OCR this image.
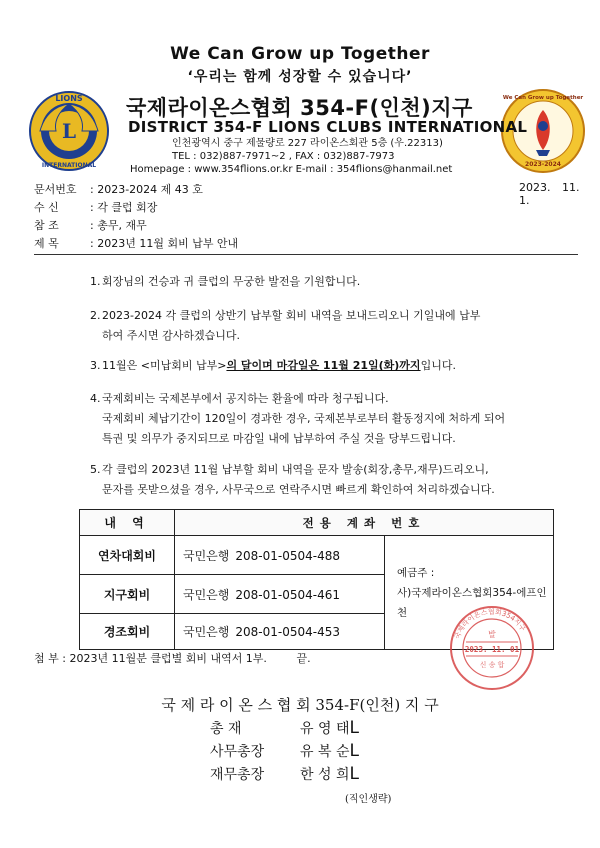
We Can Grow up Together
‘우리는 함께 성장할 수 있습니다’
L
LIONS
INTERNATIONAL	2023-2024
We Can Grow up Together
국제라이온스협회 354-F(인천)지구
DISTRICT 354-F LIONS CLUBS INTERNATIONAL
인천광역시 중구 제물량로 227 라이온스회관 5층 (우.22313)
TEL : 032)887-7971~2 , FAX : 032)887-7973
Homepage : www.354flions.or.kr E-mail : 354flions@hanmail.net
문서번호 : 2023-2024 제 43 호	2023. 11. 1.
수 신	: 각 클럽 회장
참 조	: 총무, 재무
제 목	: 2023년 11월 회비 납부 안내
1. 회장님의 건승과 귀 클럽의 무궁한 발전을 기원합니다.
2. 2023-2024 각 클럽의 상반기 납부할 회비 내역을 보내드리오니 기일내에 납부
하여 주시면 감사하겠습니다.
3. 11월은 <미납회비 납부>의 달이며 마감일은 11월 21일(화)까지입니다.
4. 국제회비는 국제본부에서 공지하는 환율에 따라 청구됩니다.
국제회비 체납기간이 120일이 경과한 경우, 국제본부로부터 활동정지에 처하게 되어
특권 및 의무가 중지되므로 마감일 내에 납부하여 주실 것을 당부드립니다.
5. 각 클럽의 2023년 11월 납부할 회비 내역을 문자 발송(회장,총무,재무)드리오니,
문자를 못받으셨을 경우, 사무국으로 연락주시면 빠르게 확인하여 처리하겠습니다.
내 역	전용 계좌 번호	
연차대회비	국민은행 208-01-0504-488	예금주 :
사)국제라이온스협회354-에프인천

지구회비	국민은행 208-01-0504-461	
경조회비	국민은행 208-01-0504-453		국제라이온스협회354지구
발
2023. 11. 01
신 송 합
첨 부 : 2023년 11월분 클럽별 회비 내역서 1부.	끝.
국 제 라 이 온 스 협 회 354-F(인천) 지 구
총 재	유 영 태L
사무총장	유 복 순L
재무총장	한 성 희L
(직인생략)
